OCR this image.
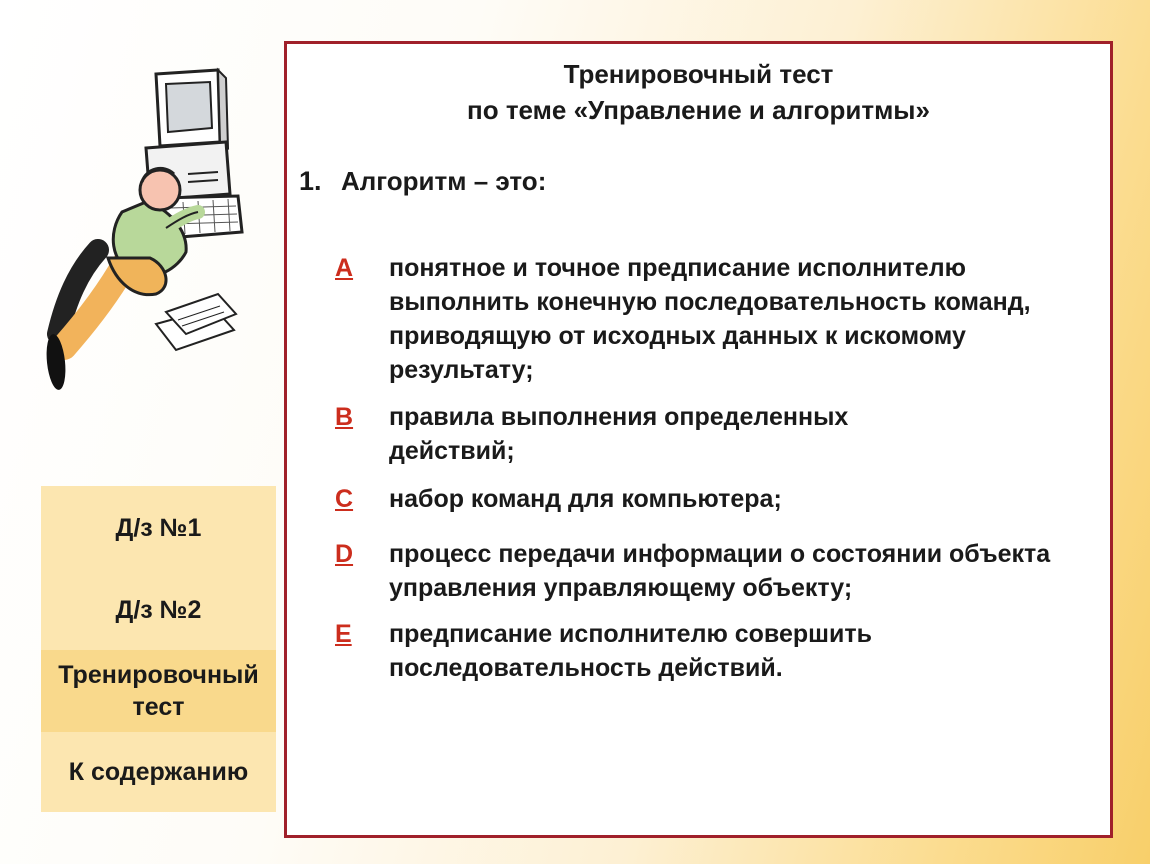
Д/з №1
Д/з №2
Тренировочный тест
К содержанию
Тренировочный тест
по теме «Управление и алгоритмы»
1. Алгоритм – это:
A понятное и точное предписание исполнителю выполнить конечную последовательность команд, приводящую от исходных данных к искомому результату;
B правила выполнения определенных действий;
C набор команд для компьютера;
D процесс передачи информации о состоянии объекта управления управляющему объекту;
E предписание исполнителю совершить последовательность действий.
